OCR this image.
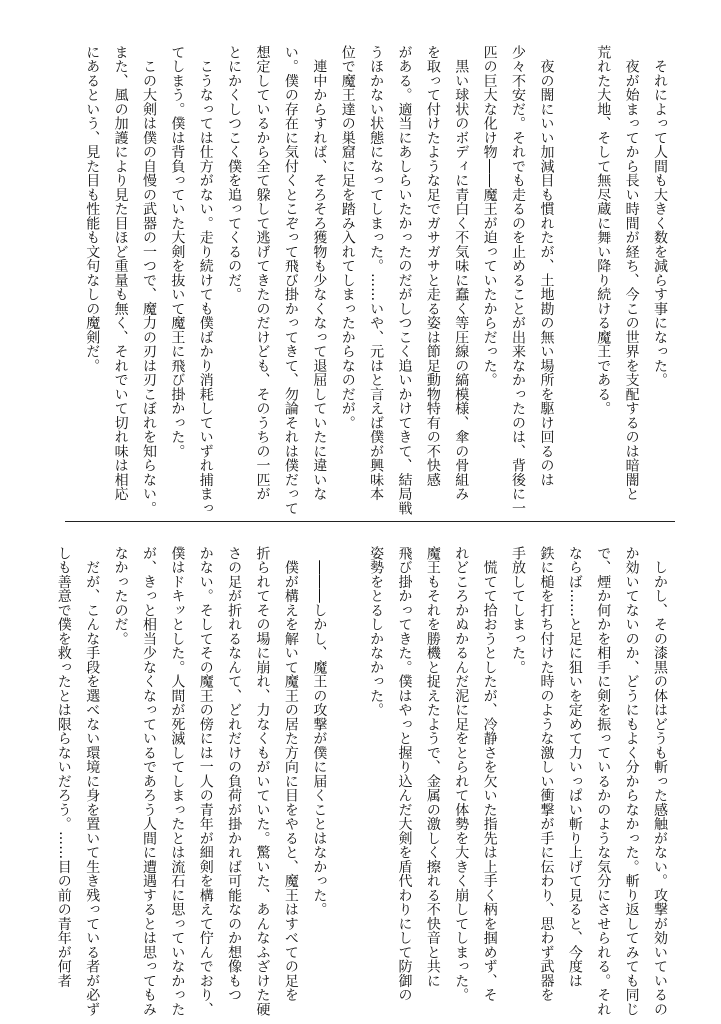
　それによって人間も大きく数を減らす事になった。
　夜が始まってから長い時間が経ち、今この世界を支配するのは暗闇と
荒れた大地、そして無尽蔵に舞い降り続ける魔王である。
　夜の闇にいい加減目も慣れたが、土地勘の無い場所を駆け回るのは
少々不安だ。それでも走るのを止めることが出来なかったのは、背後に一
匹の巨大な化け物――魔王が迫っていたからだった。
　黒い球状のボディに青白く不気味に蠢く等圧線の縞模様、傘の骨組み
を取って付けたような足でガサガサと走る姿は節足動物特有の不快感
がある。適当にあしらいたかったのだがしつこく追いかけてきて、結局戦
うほかない状態になってしまった。……いや、元はと言えば僕が興味本
位で魔王達の巣窟に足を踏み入れてしまったからなのだが。
　連中からすれば、そろそろ獲物も少なくなって退屈していたに違いな
い。僕の存在に気付くとこぞって飛び掛かってきて、勿論それは僕だって
想定しているから全て躱して逃げてきたのだけども、そのうちの一匹が
とにかくしつこく僕を追ってくるのだ。
　こうなっては仕方がない。走り続けても僕ばかり消耗していずれ捕まっ
てしまう。僕は背負っていた大剣を抜いて魔王に飛び掛かった。
　この大剣は僕の自慢の武器の一つで、魔力の刃は刃こぼれを知らない。
また、風の加護により見た目ほど重量も無く、それでいて切れ味は相応
にあるという、見た目も性能も文句なしの魔剣だ。
　しかし、その漆黒の体はどうも斬った感触がない。攻撃が効いているの
か効いてないのか、どうにもよく分からなかった。斬り返してみても同じ
で、煙か何かを相手に剣を振っているかのような気分にさせられる。それ
ならば……と足に狙いを定めて力いっぱい斬り上げて見ると、今度は
鉄に槌を打ち付けた時のような激しい衝撃が手に伝わり、思わず武器を
手放してしまった。
　慌てて拾おうとしたが、冷静さを欠いた指先は上手く柄を掴めず、そ
れどころかぬかるんだ泥に足をとられて体勢を大きく崩してしまった。
魔王もそれを勝機と捉えたようで、金属の激しく擦れる不快音と共に
飛び掛かってきた。僕はやっと握り込んだ大剣を盾代わりにして防御の
姿勢をとるしかなかった。
　―――しかし、魔王の攻撃が僕に届くことはなかった。
　僕が構えを解いて魔王の居た方向に目をやると、魔王はすべての足を
折られてその場に崩れ、力なくもがいていた。驚いた、あんなふざけた硬
さの足が折れるなんて、どれだけの負荷が掛かれば可能なのか想像もつ
かない。そしてその魔王の傍には一人の青年が細剣を構えて佇んでおり、
僕はドキッとした。人間が死滅してしまったとは流石に思っていなかった
が、きっと相当少なくなっているであろう人間に遭遇するとは思ってもみ
なかったのだ。
　だが、こんな手段を選べない環境に身を置いて生き残っている者が必ず
しも善意で僕を救ったとは限らないだろう。……目の前の青年が何者
